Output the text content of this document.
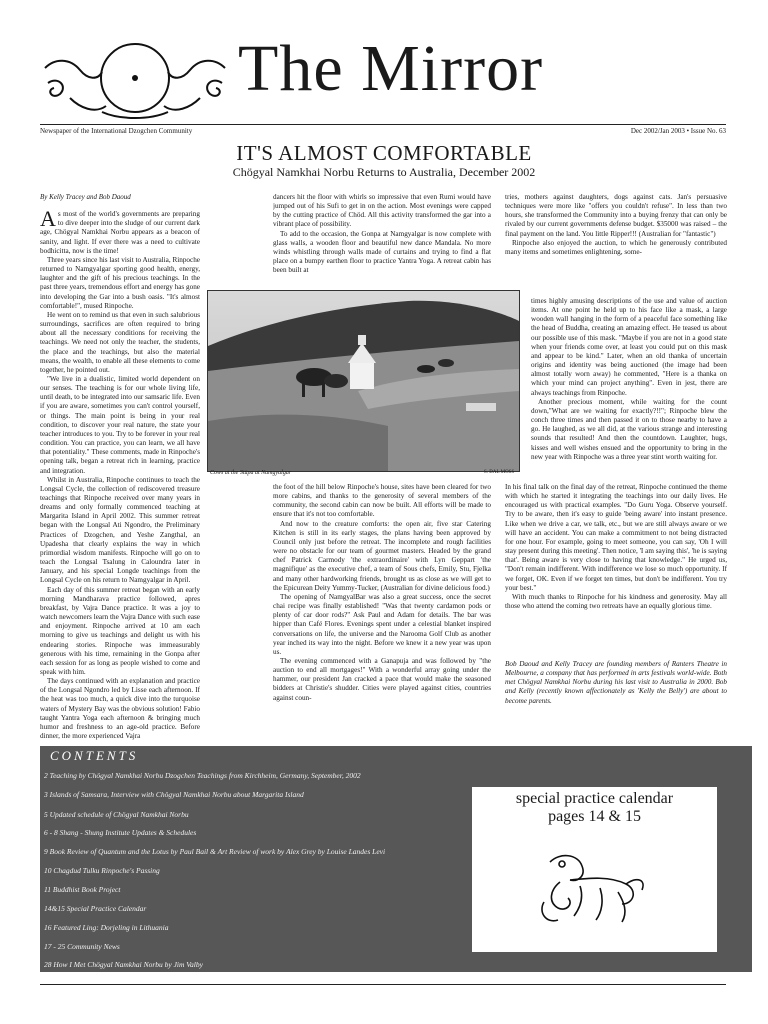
The Mirror
Newspaper of the International Dzogchen Community	Dec 2002/Jan 2003 • Issue No. 63
IT'S ALMOST COMFORTABLE
Chögyal Namkhai Norbu Returns to Australia, December 2002
By Kelly Tracey and Bob Daoud

As most of the world's governments are preparing to dive deeper into the sludge of our current dark age, Chögyal Namkhai Norbu appears as a beacon of sanity, and light. If ever there was a need to cultivate bodhicitta, now is the time!

Three years since his last visit to Australia, Rinpoche returned to Namgyalgar sporting good health, energy, laughter and the gift of his precious teachings. In the past three years, tremendous effort and energy has gone into developing the Gar into a bush oasis. "It's almost comfortable!", mused Rinpoche.

He went on to remind us that even in such salubrious surroundings, sacrifices are often required to bring about all the necessary conditions for receiving the teachings. We need not only the teacher, the students, the place and the teachings, but also the material means, the wealth, to enable all these elements to come together, he pointed out.

"We live in a dualistic, limited world dependent on our senses. The teaching is for our whole living life, until death, to be integrated into our samsaric life. Even if you are aware, sometimes you can't control yourself, or things. The main point is being in your real condition, to discover your real nature, the state your teacher introduces to you. Try to be forever in your real condition. You can practice, you can learn, we all have that potentiality." These comments, made in Rinpoche's opening talk, began a retreat rich in learning, practice and integration.

Whilst in Australia, Rinpoche continues to teach the Longsal Cycle, the collection of rediscovered treasure teachings that Rinpoche received over many years in dreams and only formally commenced teaching at Margarita Island in April 2002. This summer retreat began with the Longsal Ati Ngondro, the Preliminary Practices of Dzogchen, and Yeshe Zangthal, an Upadesha that clearly explains the way in which primordial wisdom manifests. Rinpoche will go on to teach the Longsal Tsalung in Caloundra later in January, and his special Longde teachings from the Longsal Cycle on his return to Namgyalgar in April.

Each day of this summer retreat began with an early morning Mandharava practice followed, apres breakfast, by Vajra Dance practice. It was a joy to watch newcomers learn the Vajra Dance with such ease and enjoyment. Rinpoche arrived at 10 am each morning to give us teachings and delight us with his endearing stories. Rinpoche was immeasurably generous with his time, remaining in the Gonpa after each session for as long as people wished to come and speak with him.

The days continued with an explanation and practice of the Longsal Ngondro led by Lisse each afternoon. If the heat was too much, a quick dive into the turquoise waters of Mystery Bay was the obvious solution! Fabio taught Yantra Yoga each afternoon & bringing much humor and freshness to an age-old practice. Before dinner, the more experienced Vajra

dancers hit the floor with whirls so impressive that even Rumi would have jumped out of his Sufi to get in on the action. Most evenings were capped by the cutting practice of Chöd. All this activity transformed the gar into a vibrant place of possibility.

To add to the occasion, the Gonpa at Namgyalgar is now complete with glass walls, a wooden floor and beautiful new dance Mandala. No more winds whistling through walls made of curtains and trying to find a flat place on a bumpy earthen floor to practice Yantra Yoga. A retreat cabin has been built at

Cows at the Stūpa at Namgyalgar	S. DAL MOSS

the foot of the hill below Rinpoche's house, sites have been cleared for two more cabins, and thanks to the generosity of several members of the community, the second cabin can now be built. All efforts will be made to ensure that it's not too comfortable.

And now to the creature comforts: the open air, five star Catering Kitchen is still in its early stages, the plans having been approved by Council only just before the retreat. The incomplete and rough facilities were no obstacle for our team of gourmet masters. Headed by the grand chef Patrick Carmody 'the extraordinaire' with Lyn Geppart 'the magnifique' as the executive chef, a team of Sous chefs, Emily, Stu, Fjelka and many other hardworking friends, brought us as close as we will get to the Epicurean Deity Yummy-Tucker, (Australian for divine delicious food.)

The opening of NamgyalBar was also a great success, once the secret chai recipe was finally established! "Was that twenty cardamon pods or plenty of car door rods?" Ask Paul and Adam for details. The bar was hipper than Café Flores. Evenings spent under a celestial blanket inspired conversations on life, the universe and the Narooma Golf Club as another year inched its way into the night. Before we knew it a new year was upon us.

The evening commenced with a Ganapuja and was followed by "the auction to end all mortgages!" With a wonderful array going under the hammer, our president Jan cracked a pace that would make the seasoned bidders at Christie's shudder. Cities were played against cities, countries against coun-

tries, mothers against daughters, dogs against cats. Jan's persuasive techniques were more like "offers you couldn't refuse". In less than two hours, she transformed the Community into a buying frenzy that can only be rivaled by our current governments defense budget. $35000 was raised – the final payment on the land. You little Ripper!!! (Australian for "fantastic")

Rinpoche also enjoyed the auction, to which he generously contributed many items and sometimes enlightening, some-

times highly amusing descriptions of the use and value of auction items. At one point he held up to his face like a mask, a large wooden wall hanging in the form of a peaceful face something like the head of Buddha, creating an amazing effect. He teased us about our possible use of this mask. "Maybe if you are not in a good state when your friends come over, at least you could put on this mask and appear to be kind." Later, when an old thanka of uncertain origins and identity was being auctioned (the image had been almost totally worn away) he commented, "Here is a thanka on which your mind can project anything". Even in jest, there are always teachings from Rinpoche.

Another precious moment, while waiting for the count down,"What are we waiting for exactly?!!"; Rinpoche blew the conch three times and then passed it on to those nearby to have a go. He laughed, as we all did, at the various strange and interesting sounds that resulted! And then the countdown. Laughter, hugs, kisses and well wishes ensued and the opportunity to bring in the new year with Rinpoche was a three year stint worth waiting for.

In his final talk on the final day of the retreat, Rinpoche continued the theme with which he started it integrating the teachings into our daily lives. He encouraged us with practical examples. "Do Guru Yoga. Observe yourself. Try to be aware, then it's easy to guide 'being aware' into instant presence. Like when we drive a car, we talk, etc., but we are still always aware or we will have an accident. You can make a commitment to not being distracted for one hour. For example, going to meet someone, you can say, 'Oh I will stay present during this meeting'. Then notice, 'I am saying this', 'he is saying that'. Being aware is very close to having that knowledge." He urged us, "Don't remain indifferent. With indifference we lose so much opportunity. If we forget, OK. Even if we forget ten times, but don't be indifferent. You try your best."

With much thanks to Rinpoche for his kindness and generosity. May all those who attend the coming two retreats have an equally glorious time.

Bob Daoud and Kelly Tracey are founding members of Ranters Theatre in Melbourne, a company that has performed in arts festivals world-wide. Both met Chögyal Namkhai Norbu during his last visit to Australia in 2000. Bob and Kelly (recently known affectionately as 'Kelly the Belly') are about to become parents.
CONTENTS
2 Teaching by Chögyal Namkhai Norbu Dzogchen Teachings from Kirchheim, Germany, September, 2002
3 Islands of Samsara, Interview with Chögyal Namkhai Norbu about Margarita Island
5 Updated schedule of Chögyal Namkhai Norbu
6 - 8 Shang - Shung Institute Updates & Schedules
9 Book Review of Quantum and the Lotus by Paul Bail & Art Review of work by Alex Grey by Louise Landes Levi
10 Chagdud Tulku Rinpoche's Passing
11 Buddhist Book Project
14&15 Special Practice Calendar
16 Featured Ling: Dorjeling in Lithuania
17 - 25 Community News
28 How I Met Chögyal Namkhai Norbu by Jim Valby
special practice calendar
pages 14 & 15
